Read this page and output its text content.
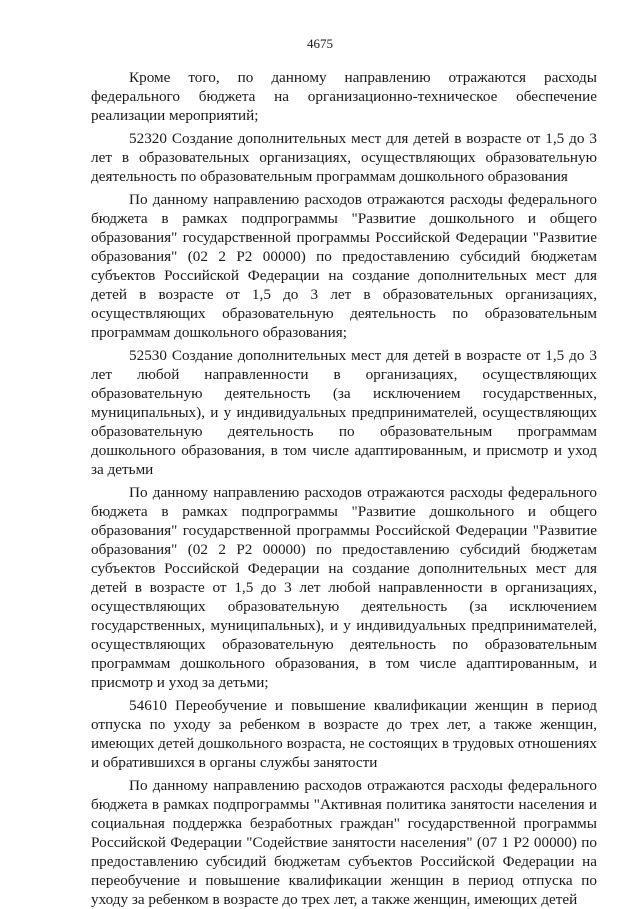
4675

Кроме того, по данному направлению отражаются расходы федерального бюджета на организационно-техническое обеспечение реализации мероприятий;

52320 Создание дополнительных мест для детей в возрасте от 1,5 до 3 лет в образовательных организациях, осуществляющих образовательную деятельность по образовательным программам дошкольного образования

По данному направлению расходов отражаются расходы федерального бюджета в рамках подпрограммы "Развитие дошкольного и общего образования" государственной программы Российской Федерации "Развитие образования" (02 2 Р2 00000) по предоставлению субсидий бюджетам субъектов Российской Федерации на создание дополнительных мест для детей в возрасте от 1,5 до 3 лет в образовательных организациях, осуществляющих образовательную деятельность по образовательным программам дошкольного образования;

52530 Создание дополнительных мест для детей в возрасте от 1,5 до 3 лет любой направленности в организациях, осуществляющих образовательную деятельность (за исключением государственных, муниципальных), и у индивидуальных предпринимателей, осуществляющих образовательную деятельность по образовательным программам дошкольного образования, в том числе адаптированным, и присмотр и уход за детьми

По данному направлению расходов отражаются расходы федерального бюджета в рамках подпрограммы "Развитие дошкольного и общего образования" государственной программы Российской Федерации "Развитие образования" (02 2 Р2 00000) по предоставлению субсидий бюджетам субъектов Российской Федерации на создание дополнительных мест для детей в возрасте от 1,5 до 3 лет любой направленности в организациях, осуществляющих образовательную деятельность (за исключением государственных, муниципальных), и у индивидуальных предпринимателей, осуществляющих образовательную деятельность по образовательным программам дошкольного образования, в том числе адаптированным, и присмотр и уход за детьми;

54610 Переобучение и повышение квалификации женщин в период отпуска по уходу за ребенком в возрасте до трех лет, а также женщин, имеющих детей дошкольного возраста, не состоящих в трудовых отношениях и обратившихся в органы службы занятости

По данному направлению расходов отражаются расходы федерального бюджета в рамках подпрограммы "Активная политика занятости населения и социальная поддержка безработных граждан" государственной программы Российской Федерации "Содействие занятости населения" (07 1 Р2 00000) по предоставлению субсидий бюджетам субъектов Российской Федерации на переобучение и повышение квалификации женщин в период отпуска по уходу за ребенком в возрасте до трех лет, а также женщин, имеющих детей
